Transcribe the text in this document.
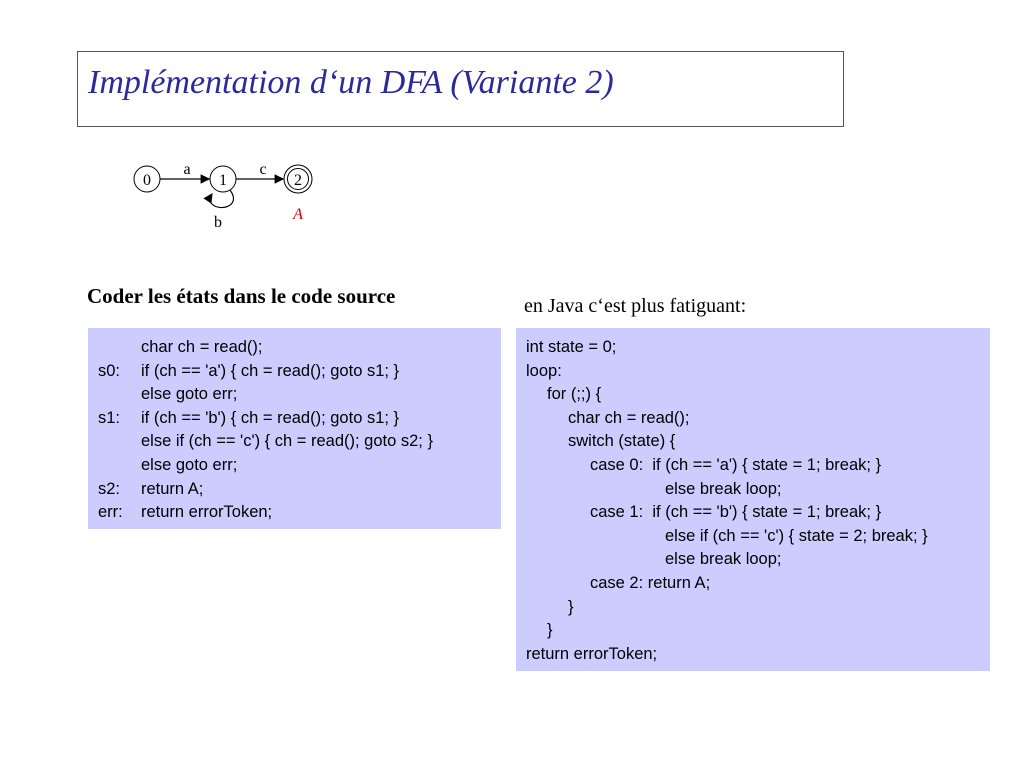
Implémentation d‘un DFA (Variante 2)
0	1	2
a	c
b	A
Coder les états dans le code source	en Java c‘est plus fatiguant:
char ch = read();
s0: if (ch == 'a') { ch = read(); goto s1; }
else goto err;
s1: if (ch == 'b') { ch = read(); goto s1; }
else if (ch == 'c') { ch = read(); goto s2; }
else goto err;
s2: return A;
err: return errorToken;
int state = 0;
loop:
for (;;) {
char ch = read();
switch (state) {
case 0:  if (ch == 'a') { state = 1; break; }
else break loop;
case 1:  if (ch == 'b') { state = 1; break; }
else if (ch == 'c') { state = 2; break; }
else break loop;
case 2: return A;
}
}
return errorToken;
